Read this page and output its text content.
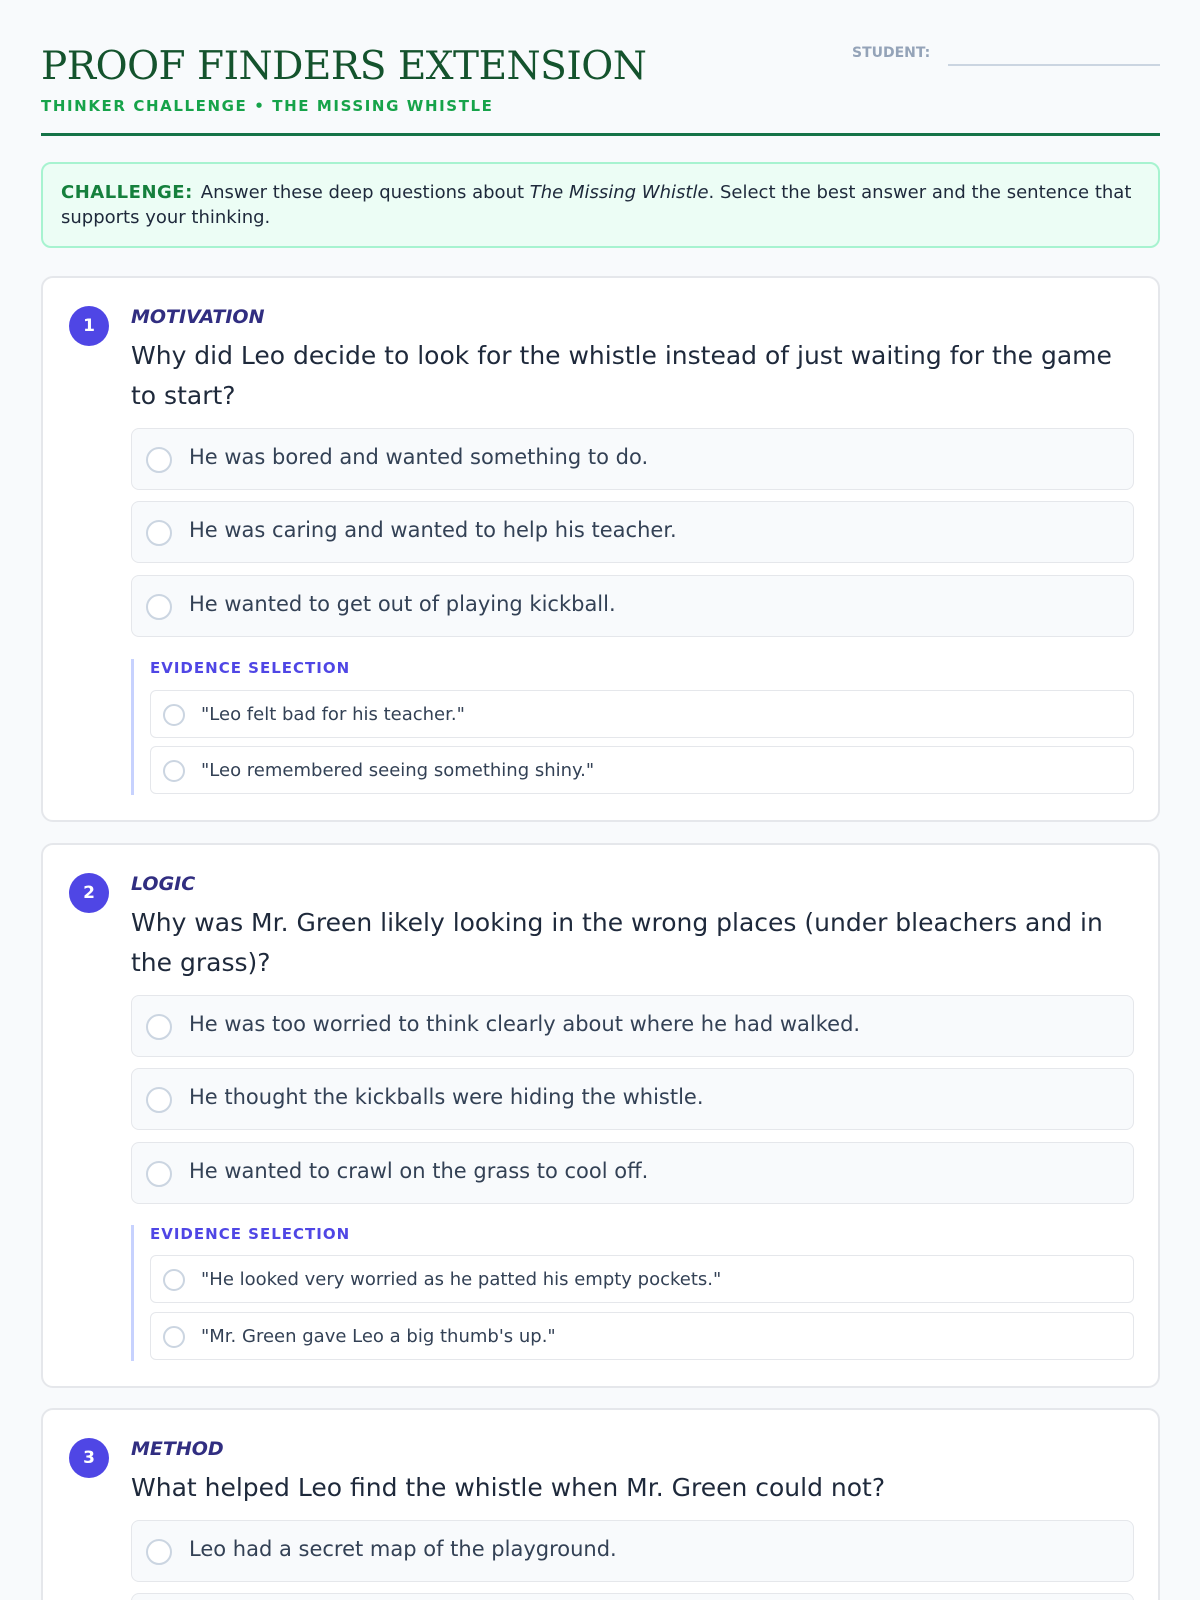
PROOF FINDERS EXTENSION
THINKER CHALLENGE • THE MISSING WHISTLE
STUDENT:
CHALLENGE: Answer these deep questions about The Missing Whistle. Select the best answer and the sentence that supports your thinking.
1	MOTIVATION
Why did Leo decide to look for the whistle instead of just waiting for the game to start?
He was bored and wanted something to do.
He was caring and wanted to help his teacher.
He wanted to get out of playing kickball.
EVIDENCE SELECTION
"Leo felt bad for his teacher."
"Leo remembered seeing something shiny."
2	LOGIC
Why was Mr. Green likely looking in the wrong places (under bleachers and in the grass)?
He was too worried to think clearly about where he had walked.
He thought the kickballs were hiding the whistle.
He wanted to crawl on the grass to cool off.
EVIDENCE SELECTION
"He looked very worried as he patted his empty pockets."
"Mr. Green gave Leo a big thumb's up."
3	METHOD
What helped Leo find the whistle when Mr. Green could not?
Leo had a secret map of the playground.
